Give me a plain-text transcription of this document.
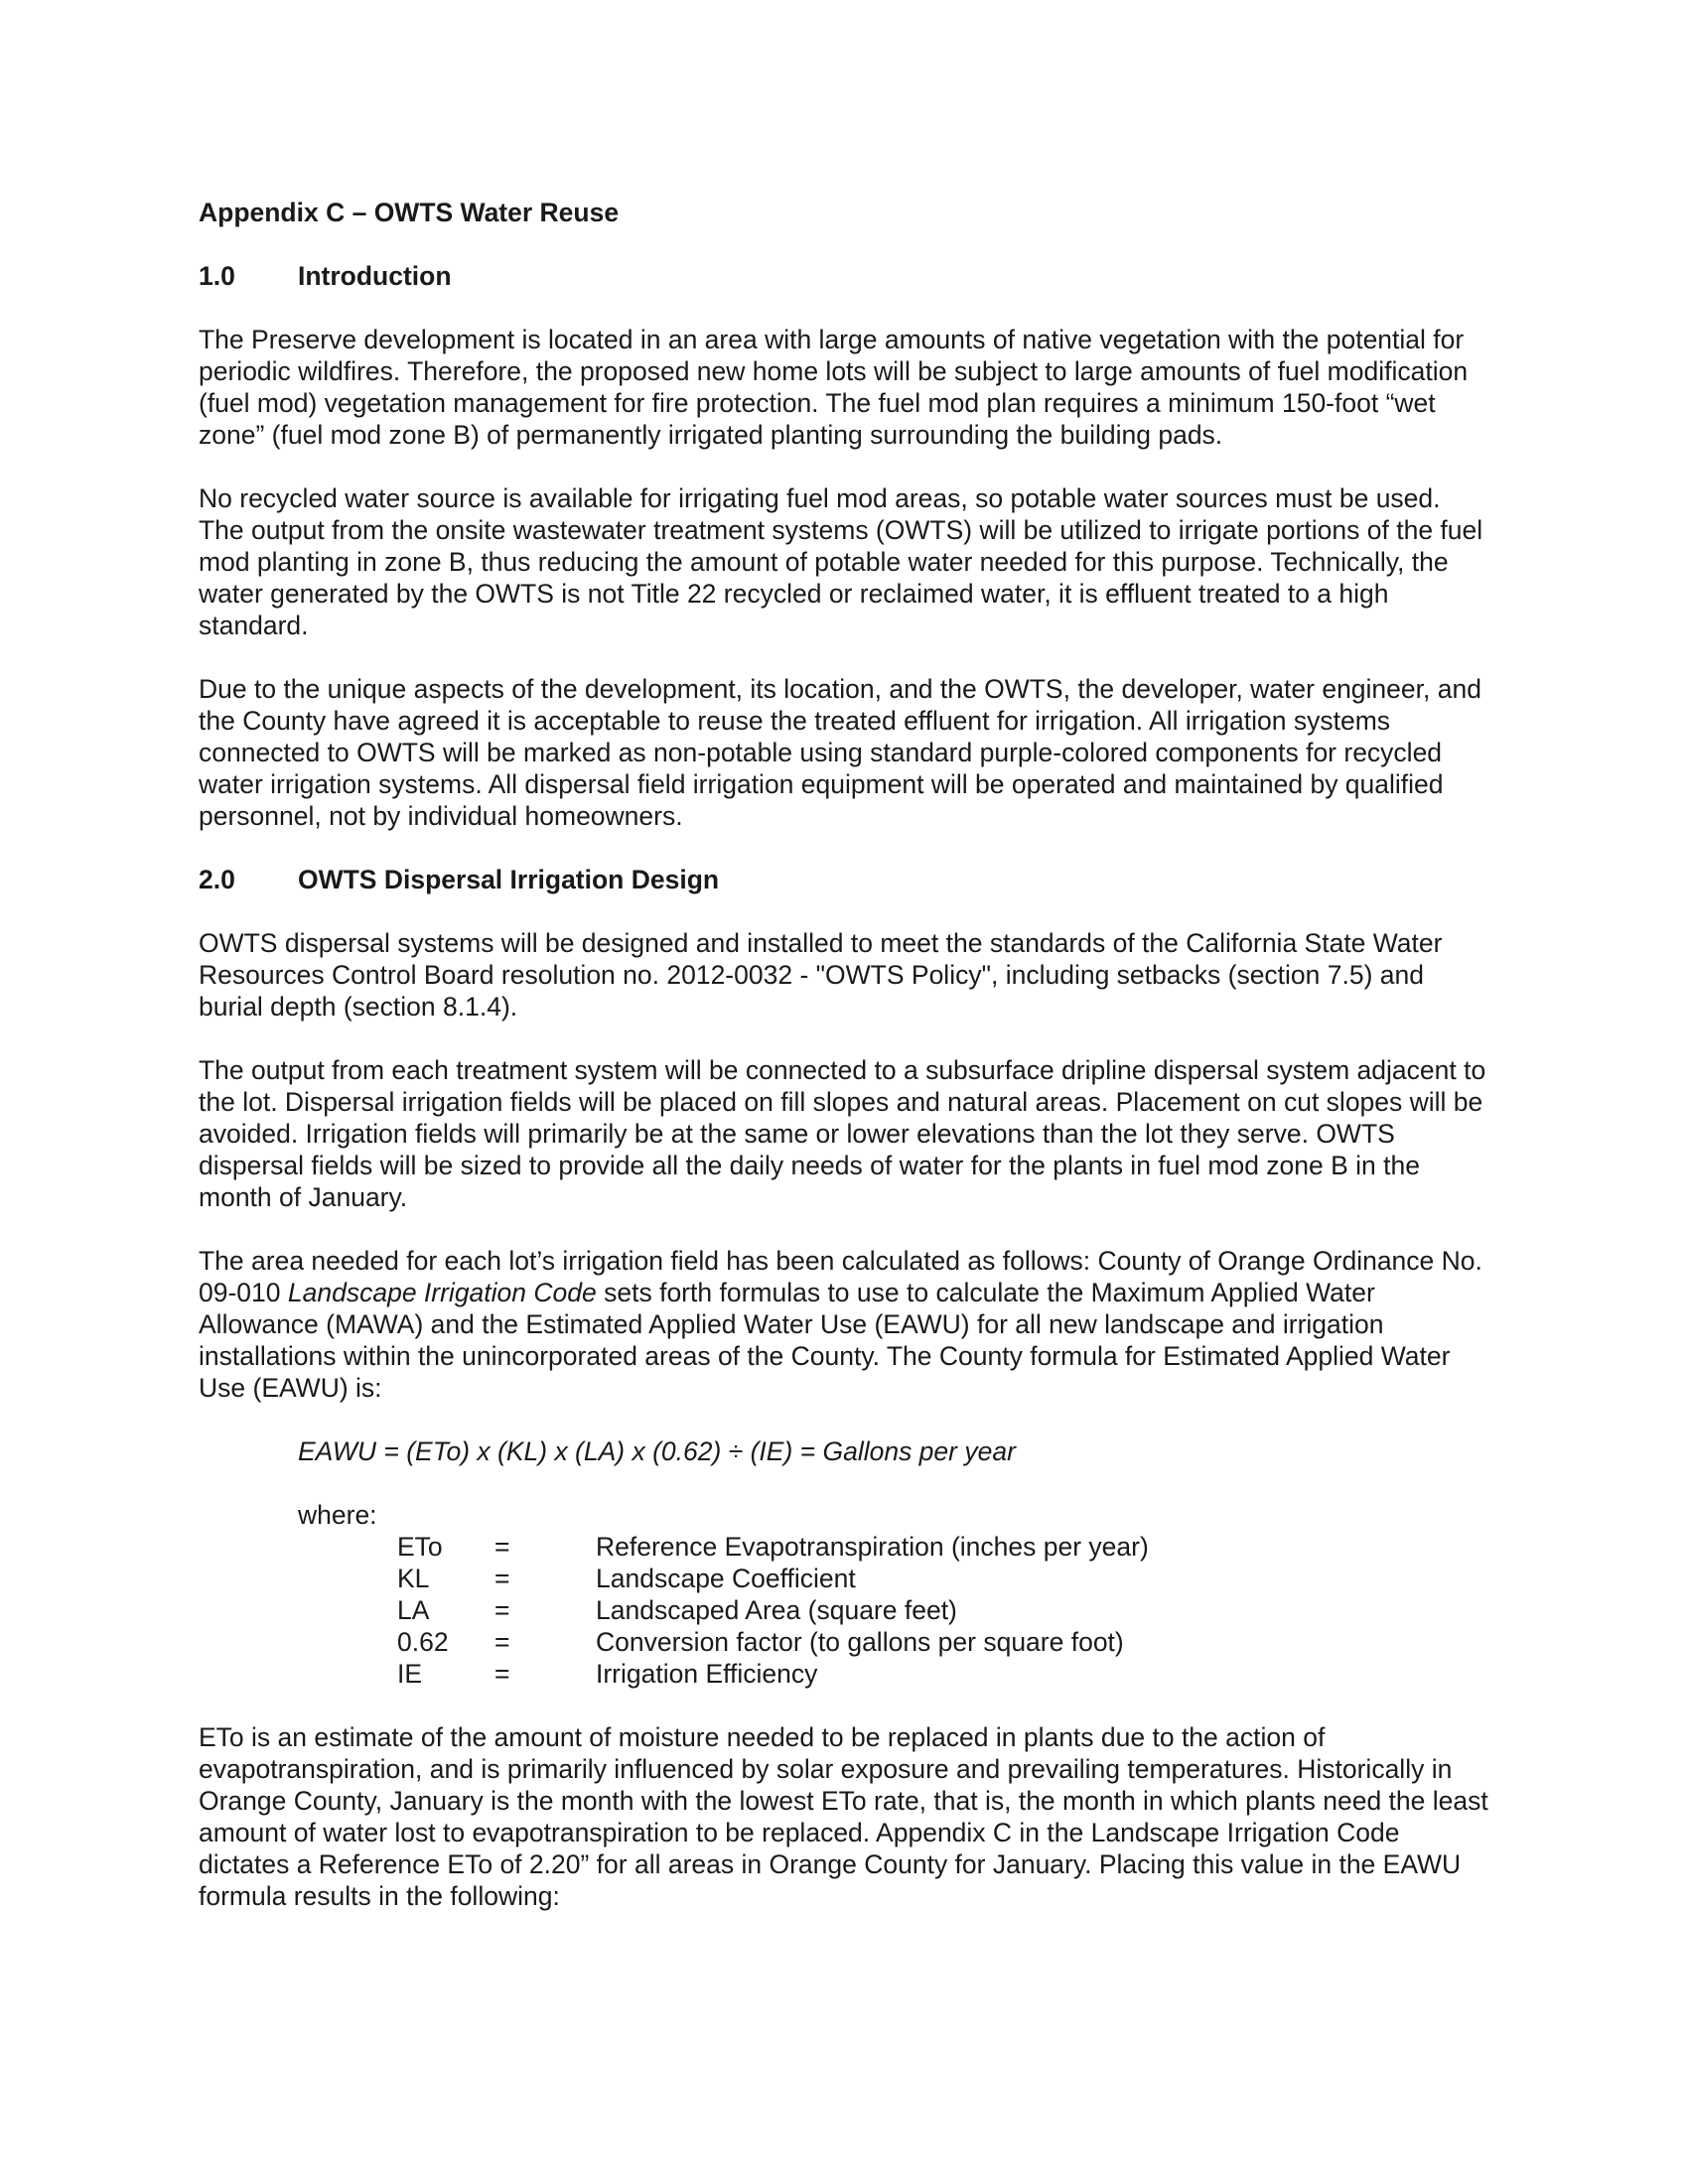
Appendix C – OWTS Water Reuse

1.0	Introduction

The Preserve development is located in an area with large amounts of native vegetation with the potential for periodic wildfires. Therefore, the proposed new home lots will be subject to large amounts of fuel modification (fuel mod) vegetation management for fire protection. The fuel mod plan requires a minimum 150-foot “wet zone” (fuel mod zone B) of permanently irrigated planting surrounding the building pads.

No recycled water source is available for irrigating fuel mod areas, so potable water sources must be used. The output from the onsite wastewater treatment systems (OWTS) will be utilized to irrigate portions of the fuel mod planting in zone B, thus reducing the amount of potable water needed for this purpose. Technically, the water generated by the OWTS is not Title 22 recycled or reclaimed water, it is effluent treated to a high standard.

Due to the unique aspects of the development, its location, and the OWTS, the developer, water engineer, and the County have agreed it is acceptable to reuse the treated effluent for irrigation. All irrigation systems connected to OWTS will be marked as non-potable using standard purple-colored components for recycled water irrigation systems. All dispersal field irrigation equipment will be operated and maintained by qualified personnel, not by individual homeowners.

2.0	OWTS Dispersal Irrigation Design

OWTS dispersal systems will be designed and installed to meet the standards of the California State Water Resources Control Board resolution no. 2012-0032 - "OWTS Policy", including setbacks (section 7.5) and burial depth (section 8.1.4).

The output from each treatment system will be connected to a subsurface dripline dispersal system adjacent to the lot. Dispersal irrigation fields will be placed on fill slopes and natural areas. Placement on cut slopes will be avoided. Irrigation fields will primarily be at the same or lower elevations than the lot they serve. OWTS dispersal fields will be sized to provide all the daily needs of water for the plants in fuel mod zone B in the month of January.

The area needed for each lot’s irrigation field has been calculated as follows: County of Orange Ordinance No. 09-010 Landscape Irrigation Code sets forth formulas to use to calculate the Maximum Applied Water Allowance (MAWA) and the Estimated Applied Water Use (EAWU) for all new landscape and irrigation installations within the unincorporated areas of the County. The County formula for Estimated Applied Water Use (EAWU) is:

EAWU = (ETo) x (KL) x (LA) x (0.62) ÷ (IE) = Gallons per year

where:
ETo	=	Reference Evapotranspiration (inches per year)
KL	=	Landscape Coefficient
LA	=	Landscaped Area (square feet)
0.62	=	Conversion factor (to gallons per square foot)
IE	=	Irrigation Efficiency

ETo is an estimate of the amount of moisture needed to be replaced in plants due to the action of evapotranspiration, and is primarily influenced by solar exposure and prevailing temperatures. Historically in Orange County, January is the month with the lowest ETo rate, that is, the month in which plants need the least amount of water lost to evapotranspiration to be replaced. Appendix C in the Landscape Irrigation Code dictates a Reference ETo of 2.20” for all areas in Orange County for January. Placing this value in the EAWU formula results in the following:
